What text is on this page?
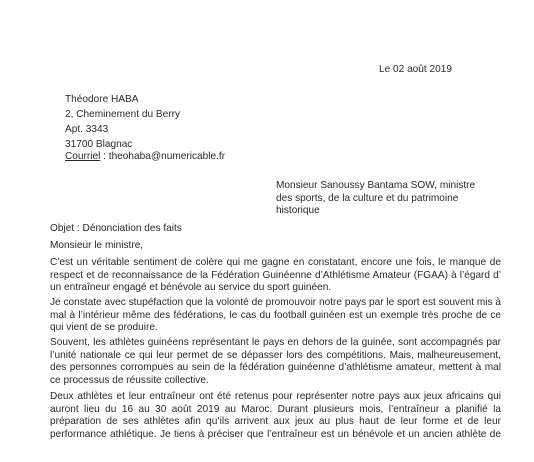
Le 02 août 2019
Théodore HABA
2, Cheminement du Berry
Apt. 3343
31700 Blagnac
Courriel : theohaba@numericable.fr
Monsieur Sanoussy Bantama SOW, ministre
des sports, de la culture et du patrimoine
historique
Objet : Dénonciation des faits
Monsieur le ministre,
C’est un véritable sentiment de colère qui me gagne en constatant, encore une fois, le manque de
respect et de reconnaissance de la Fédération Guinéenne d’Athlétisme Amateur (FGAA) à l’égard d’
un entraîneur engagé et bénévole au service du sport guinéen.
Je constate avec stupéfaction que la volonté de promouvoir notre pays par le sport est souvent mis à
mal à l’intérieur même des fédérations, le cas du football guinéen est un exemple très proche de ce
qui vient de se produire.
Souvent, les athlètes guinéens représentant le pays en dehors de la guinée, sont accompagnés par
l’unité nationale ce qui leur permet de se dépasser lors des compétitions. Mais, malheureusement,
des personnes corrompues au sein de la fédération guinéenne d’athlétisme amateur, mettent à mal
ce processus de réussite collective.
Deux athlètes et leur entraîneur ont été retenus pour représenter notre pays aux jeux africains qui
auront lieu du 16 au 30 août 2019 au Maroc. Durant plusieurs mois, l’entraîneur a planifié la
préparation de ses athlètes afin qu’ils arrivent aux jeux au plus haut de leur forme et de leur
performance athlétique. Je tiens à préciser que l’entraîneur est un bénévole et un ancien athlète de
